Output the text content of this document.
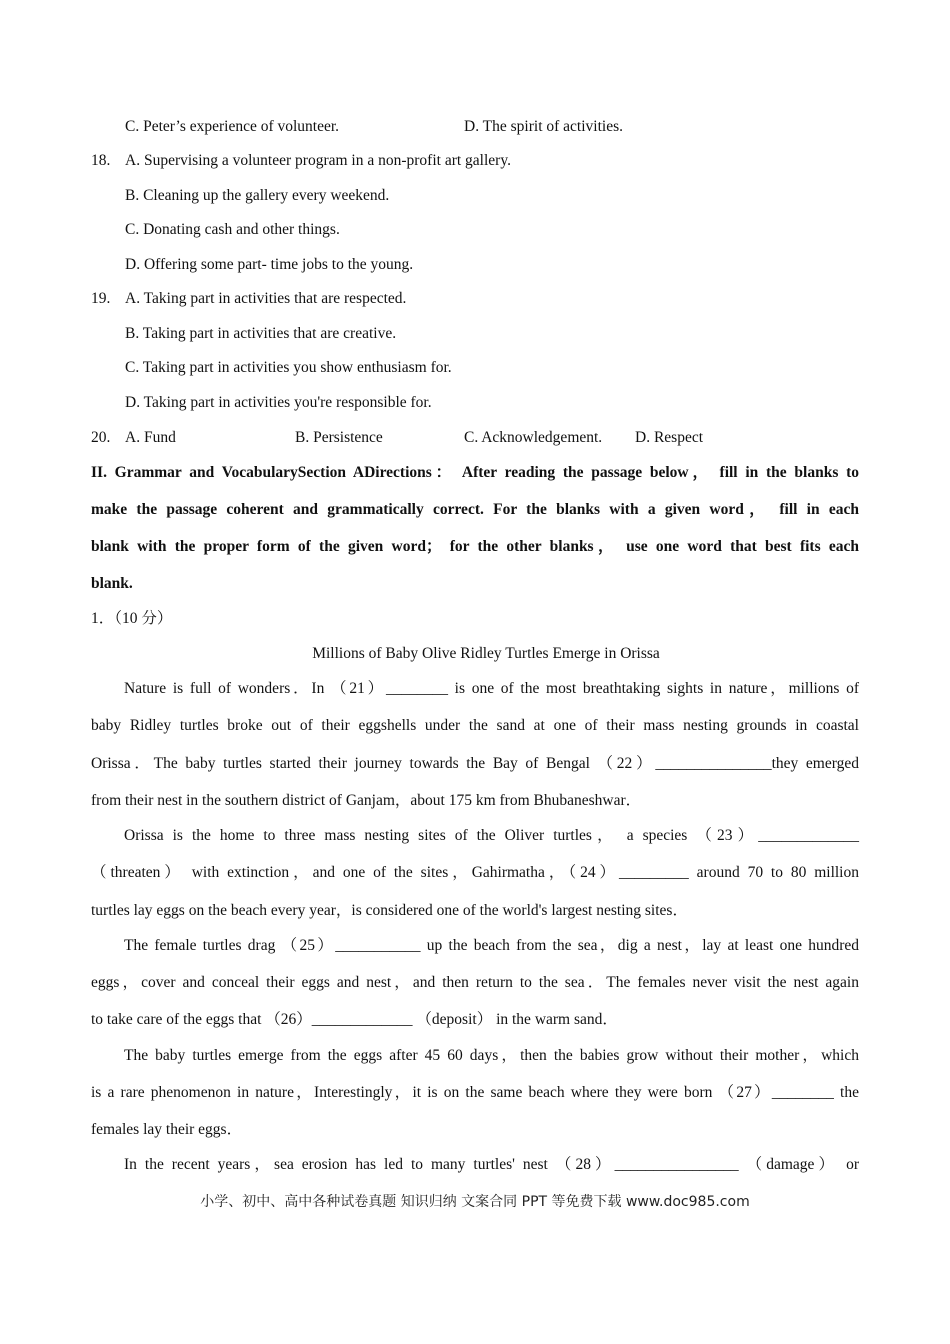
C. Peter’s experience of volunteer.	D. The spirit of activities.
18. A. Supervising a volunteer program in a non-profit art gallery.
B. Cleaning up the gallery every weekend.
C. Donating cash and other things.
D. Offering some part- time jobs to the young.
19. A. Taking part in activities that are respected.
B. Taking part in activities that are creative.
C. Taking part in activities you show enthusiasm for.
D. Taking part in activities you're responsible for.
20. A. Fund	B. Persistence	C. Acknowledgement. D. Respect
II. Grammar and VocabularySection ADirections： After reading the passage below， fill in the blanks to
make the passage coherent and grammatically correct. For the blanks with a given word， fill in each
blank with the proper form of the given word； for the other blanks， use one word that best fits each
blank.
1．（10 分）
Millions of Baby Olive Ridley Turtles Emerge in Orissa
Nature is full of wonders．In （21）________ is one of the most breathtaking sights in nature，millions of
baby Ridley turtles broke out of their eggshells under the sand at one of their mass nesting grounds in coastal
Orissa．The baby turtles started their journey towards the Bay of Bengal （22）_______________they emerged
from their nest in the southern district of Ganjam，about 175 km from Bhubaneshwar．
Orissa is the home to three mass nesting sites of the Oliver turtles， a species （23）_____________
（threaten） with extinction，and one of the sites，Gahirmatha，（24）_________ around 70 to 80 million
turtles lay eggs on the beach every year，is considered one of the world's largest nesting sites．
The female turtles drag （25）___________ up the beach from the sea，dig a nest，lay at least one hundred
eggs，cover and conceal their eggs and nest，and then return to the sea．The females never visit the nest again
to take care of the eggs that （26）_____________ （deposit） in the warm sand．
The baby turtles emerge from the eggs after 45 60 days，then the babies grow without their mother，which
is a rare phenomenon in nature，Interestingly，it is on the same beach where they were born （27）________ the
females lay their eggs．
In the recent years，sea erosion has led to many turtles' nest （28）________________ （damage） or
小学、初中、高中各种试卷真题 知识归纳 文案合同 PPT 等免费下载 www.doc985.com
